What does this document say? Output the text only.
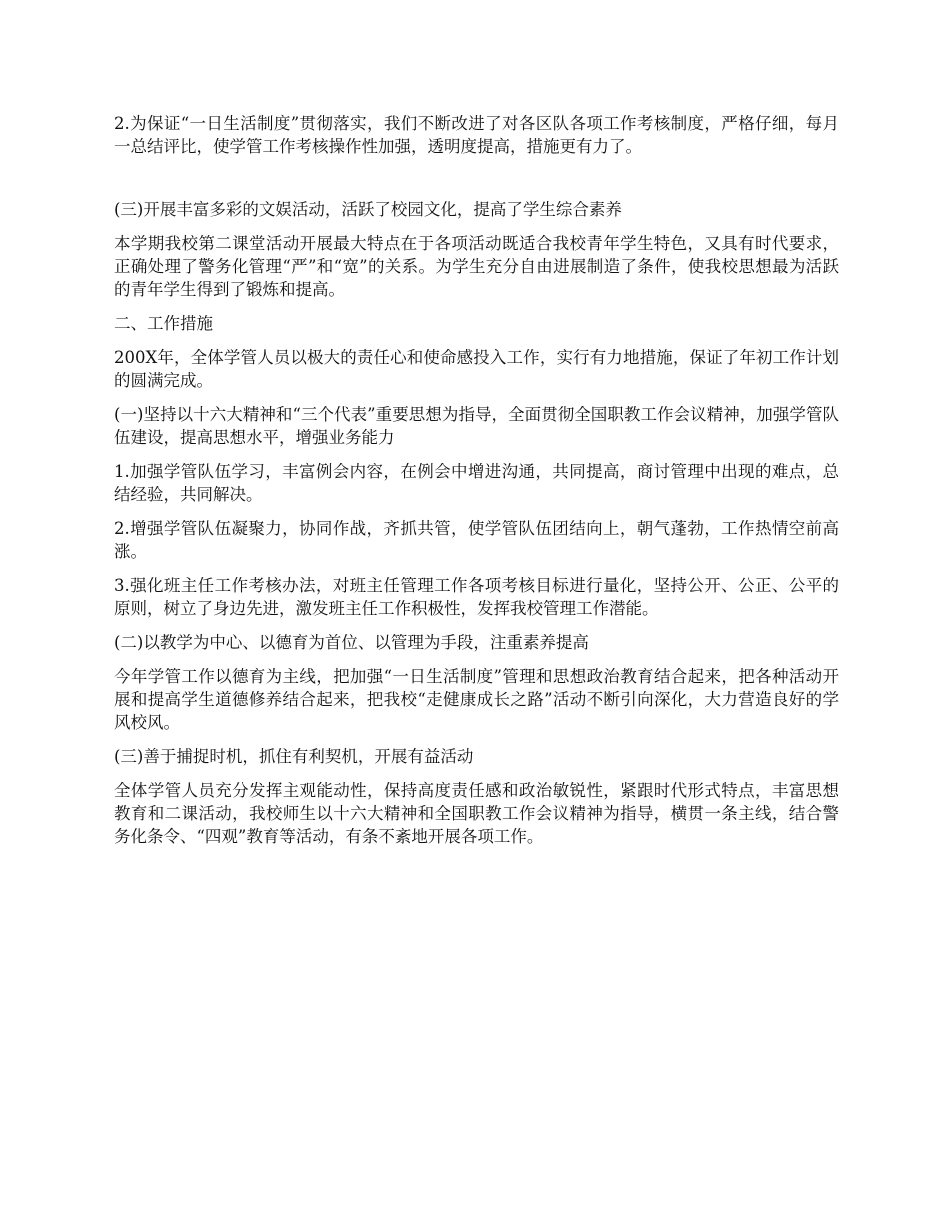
2.为保证“一日生活制度”贯彻落实，我们不断改进了对各区队各项工作考核制度，严格仔细，每月一总结评比，使学管工作考核操作性加强，透明度提高，措施更有力了。

(三)开展丰富多彩的文娱活动，活跃了校园文化，提高了学生综合素养

本学期我校第二课堂活动开展最大特点在于各项活动既适合我校青年学生特色，又具有时代要求，正确处理了警务化管理“严”和“宽”的关系。为学生充分自由进展制造了条件，使我校思想最为活跃的青年学生得到了锻炼和提高。

二、工作措施

200X年，全体学管人员以极大的责任心和使命感投入工作，实行有力地措施，保证了年初工作计划的圆满完成。

(一)坚持以十六大精神和“三个代表”重要思想为指导，全面贯彻全国职教工作会议精神，加强学管队伍建设，提高思想水平，增强业务能力

1.加强学管队伍学习，丰富例会内容，在例会中增进沟通，共同提高，商讨管理中出现的难点，总结经验，共同解决。

2.增强学管队伍凝聚力，协同作战，齐抓共管，使学管队伍团结向上，朝气蓬勃，工作热情空前高涨。

3.强化班主任工作考核办法，对班主任管理工作各项考核目标进行量化，坚持公开、公正、公平的原则，树立了身边先进，激发班主任工作积极性，发挥我校管理工作潜能。

(二)以教学为中心、以德育为首位、以管理为手段，注重素养提高

今年学管工作以德育为主线，把加强“一日生活制度”管理和思想政治教育结合起来，把各种活动开展和提高学生道德修养结合起来，把我校“走健康成长之路”活动不断引向深化，大力营造良好的学风校风。

(三)善于捕捉时机，抓住有利契机，开展有益活动

全体学管人员充分发挥主观能动性，保持高度责任感和政治敏锐性，紧跟时代形式特点，丰富思想教育和二课活动，我校师生以十六大精神和全国职教工作会议精神为指导，横贯一条主线，结合警务化条令、“四观”教育等活动，有条不紊地开展各项工作。
